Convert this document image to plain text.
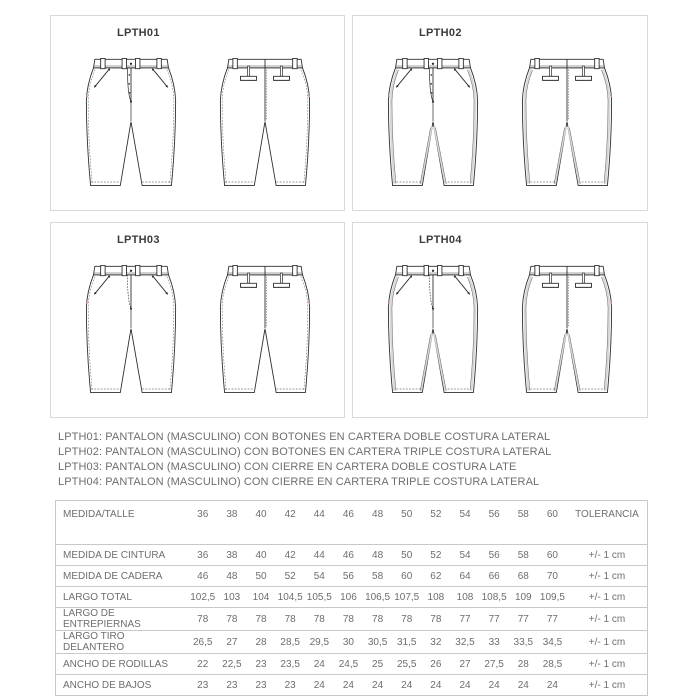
LPTH01	LPTH02
LPTH03	LPTH04
LPTH01: PANTALON (MASCULINO) CON BOTONES EN CARTERA DOBLE COSTURA LATERAL
LPTH02: PANTALON (MASCULINO) CON BOTONES EN CARTERA TRIPLE COSTURA LATERAL
LPTH03: PANTALON (MASCULINO) CON CIERRE EN CARTERA DOBLE COSTURA LATE
LPTH04: PANTALON (MASCULINO) CON CIERRE EN CARTERA TRIPLE COSTURA LATERAL
MEDIDA/TALLE	36	38	40	42	44	46	48	50	52	54	56	58	60	TOLERANCIA
MEDIDA DE CINTURA	36	38	40	42	44	46	48	50	52	54	56	58	60	+/- 1 cm
MEDIDA DE CADERA	46	48	50	52	54	56	58	60	62	64	66	68	70	+/- 1 cm
LARGO TOTAL	102,5	103	104	104,5	105,5	106	106,5	107,5	108	108	108,5	109	109,5	+/- 1 cm
LARGO DE ENTREPIERNAS	78	78	78	78	78	78	78	78	78	77	77	77	77	+/- 1 cm
LARGO TIRO DELANTERO	26,5	27	28	28,5	29,5	30	30,5	31,5	32	32,5	33	33,5	34,5	+/- 1 cm
ANCHO DE RODILLAS	22	22,5	23	23,5	24	24,5	25	25,5	26	27	27,5	28	28,5	+/- 1 cm
ANCHO DE BAJOS	23	23	23	23	24	24	24	24	24	24	24	24	24	+/- 1 cm
